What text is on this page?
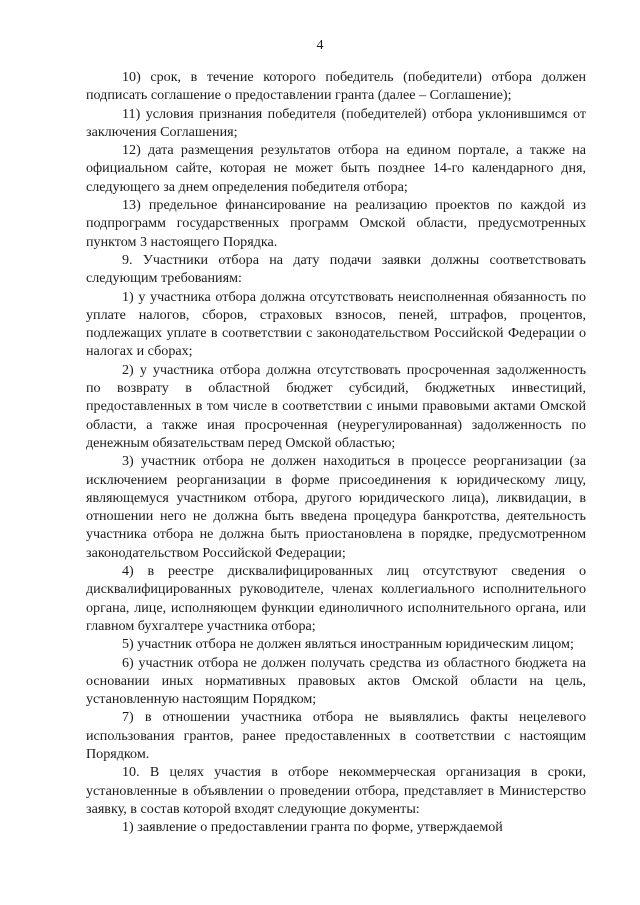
4

10) срок, в течение которого победитель (победители) отбора должен подписать соглашение о предоставлении гранта (далее – Соглашение);

11) условия признания победителя (победителей) отбора уклонившимся от заключения Соглашения;

12) дата размещения результатов отбора на едином портале, а также на официальном сайте, которая не может быть позднее 14-го календарного дня, следующего за днем определения победителя отбора;

13) предельное финансирование на реализацию проектов по каждой из подпрограмм государственных программ Омской области, предусмотренных пунктом 3 настоящего Порядка.

9. Участники отбора на дату подачи заявки должны соответствовать следующим требованиям:

1) у участника отбора должна отсутствовать неисполненная обязанность по уплате налогов, сборов, страховых взносов, пеней, штрафов, процентов, подлежащих уплате в соответствии с законодательством Российской Федерации о налогах и сборах;

2) у участника отбора должна отсутствовать просроченная задолженность по возврату в областной бюджет субсидий, бюджетных инвестиций, предоставленных в том числе в соответствии с иными правовыми актами Омской области, а также иная просроченная (неурегулированная) задолженность по денежным обязательствам перед Омской областью;

3) участник отбора не должен находиться в процессе реорганизации (за исключением реорганизации в форме присоединения к юридическому лицу, являющемуся участником отбора, другого юридического лица), ликвидации, в отношении него не должна быть введена процедура банкротства, деятельность участника отбора не должна быть приостановлена в порядке, предусмотренном законодательством Российской Федерации;

4) в реестре дисквалифицированных лиц отсутствуют сведения о дисквалифицированных руководителе, членах коллегиального исполнительного органа, лице, исполняющем функции единоличного исполнительного органа, или главном бухгалтере участника отбора;

5) участник отбора не должен являться иностранным юридическим лицом;

6) участник отбора не должен получать средства из областного бюджета на основании иных нормативных правовых актов Омской области на цель, установленную настоящим Порядком;

7) в отношении участника отбора не выявлялись факты нецелевого использования грантов, ранее предоставленных в соответствии с настоящим Порядком.

10. В целях участия в отборе некоммерческая организация в сроки, установленные в объявлении о проведении отбора, представляет в Министерство заявку, в состав которой входят следующие документы:

1) заявление о предоставлении гранта по форме, утверждаемой
